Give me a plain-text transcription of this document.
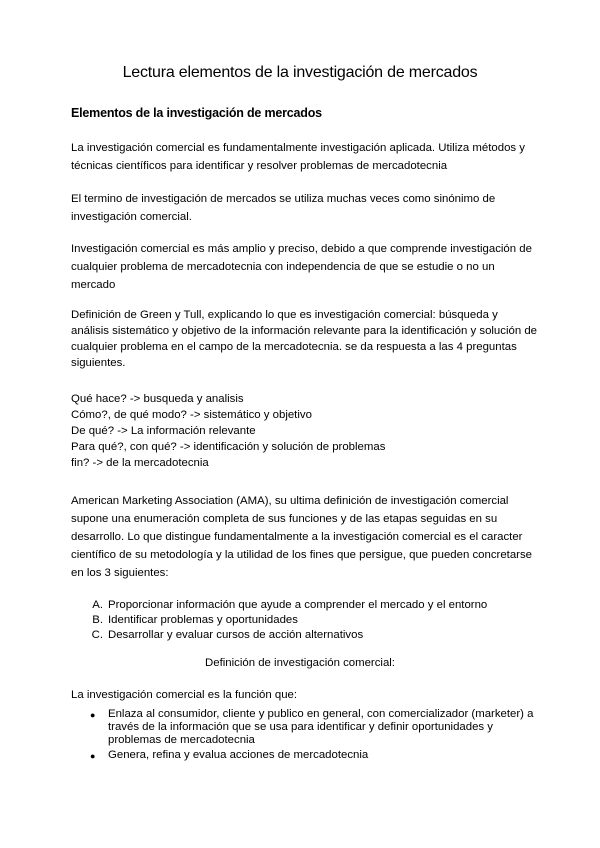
Lectura elementos de la investigación de mercados

Elementos de la investigación de mercados

La investigación comercial es fundamentalmente investigación aplicada. Utiliza métodos y
técnicas científicos para identificar y resolver problemas de mercadotecnia

El termino de investigación de mercados se utiliza muchas veces como sinónimo de
investigación comercial.

Investigación comercial es más amplio y preciso, debido a que comprende investigación de
cualquier problema de mercadotecnia con independencia de que se estudie o no un
mercado

Definición de Green y Tull, explicando lo que es investigación comercial: búsqueda y
análisis sistemático y objetivo de la información relevante para la identificación y solución de
cualquier problema en el campo de la mercadotecnia. se da respuesta a las 4 preguntas
siguientes.

Qué hace? -> busqueda y analisis
Cómo?, de qué modo? -> sistemático y objetivo
De qué? -> La información relevante
Para qué?, con qué? -> identificación y solución de problemas
fin? -> de la mercadotecnia

American Marketing Association (AMA), su ultima definición de investigación comercial
supone una enumeración completa de sus funciones y de las etapas seguidas en su
desarrollo. Lo que distingue fundamentalmente a la investigación comercial es el caracter
científico de su metodología y la utilidad de los fines que persigue, que pueden concretarse
en los 3 siguientes:

A. Proporcionar información que ayude a comprender el mercado y el entorno
B. Identificar problemas y oportunidades
C. Desarrollar y evaluar cursos de acción alternativos

Definición de investigación comercial:

La investigación comercial es la función que:

●	Enlaza al consumidor, cliente y publico en general, con comercializador (marketer) a
través de la información que se usa para identificar y definir oportunidades y
problemas de mercadotecnia
●	Genera, refina y evalua acciones de mercadotecnia
